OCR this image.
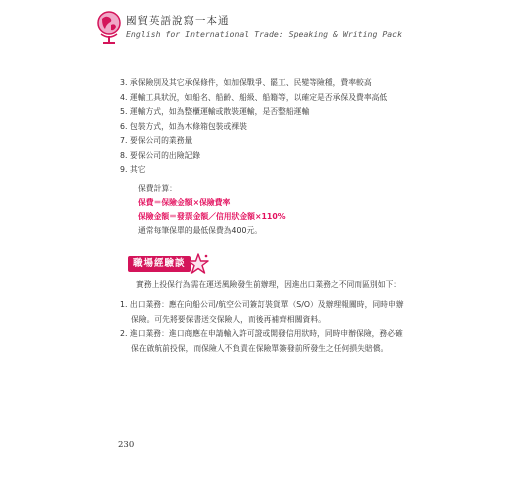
國貿英語說寫一本通
English for International Trade: Speaking & Writing Pack
3. 承保險別及其它承保條件，如加保戰爭、罷工、民變等險種，費率較高
4. 運輸工具狀況，如船名、船齡、船級、船籍等，以確定是否承保及費率高低
5. 運輸方式，如為整櫃運輸或散裝運輸，是否整船運輸
6. 包裝方式，如為木條箱包裝或裸裝
7. 要保公司的業務量
8. 要保公司的出險記錄
9. 其它
保費計算：
保費＝保險金額×保險費率
保險金額＝發票金額／信用狀金額×110%
通常每筆保單的最低保費為400元。
職場經驗談
實務上投保行為需在運送風險發生前辦理，因進出口業務之不同而區別如下：
1. 出口業務：應在向船公司/航空公司簽訂裝貨單（S/O）及辦理報關時，同時申辦
保險。可先將要保書送交保險人，而後再補齊相關資料。
2. 進口業務：進口商應在申請輸入許可證或開發信用狀時，同時申辦保險，務必確
保在啟航前投保，而保險人不負責在保險單簽發前所發生之任何損失賠償。
230
